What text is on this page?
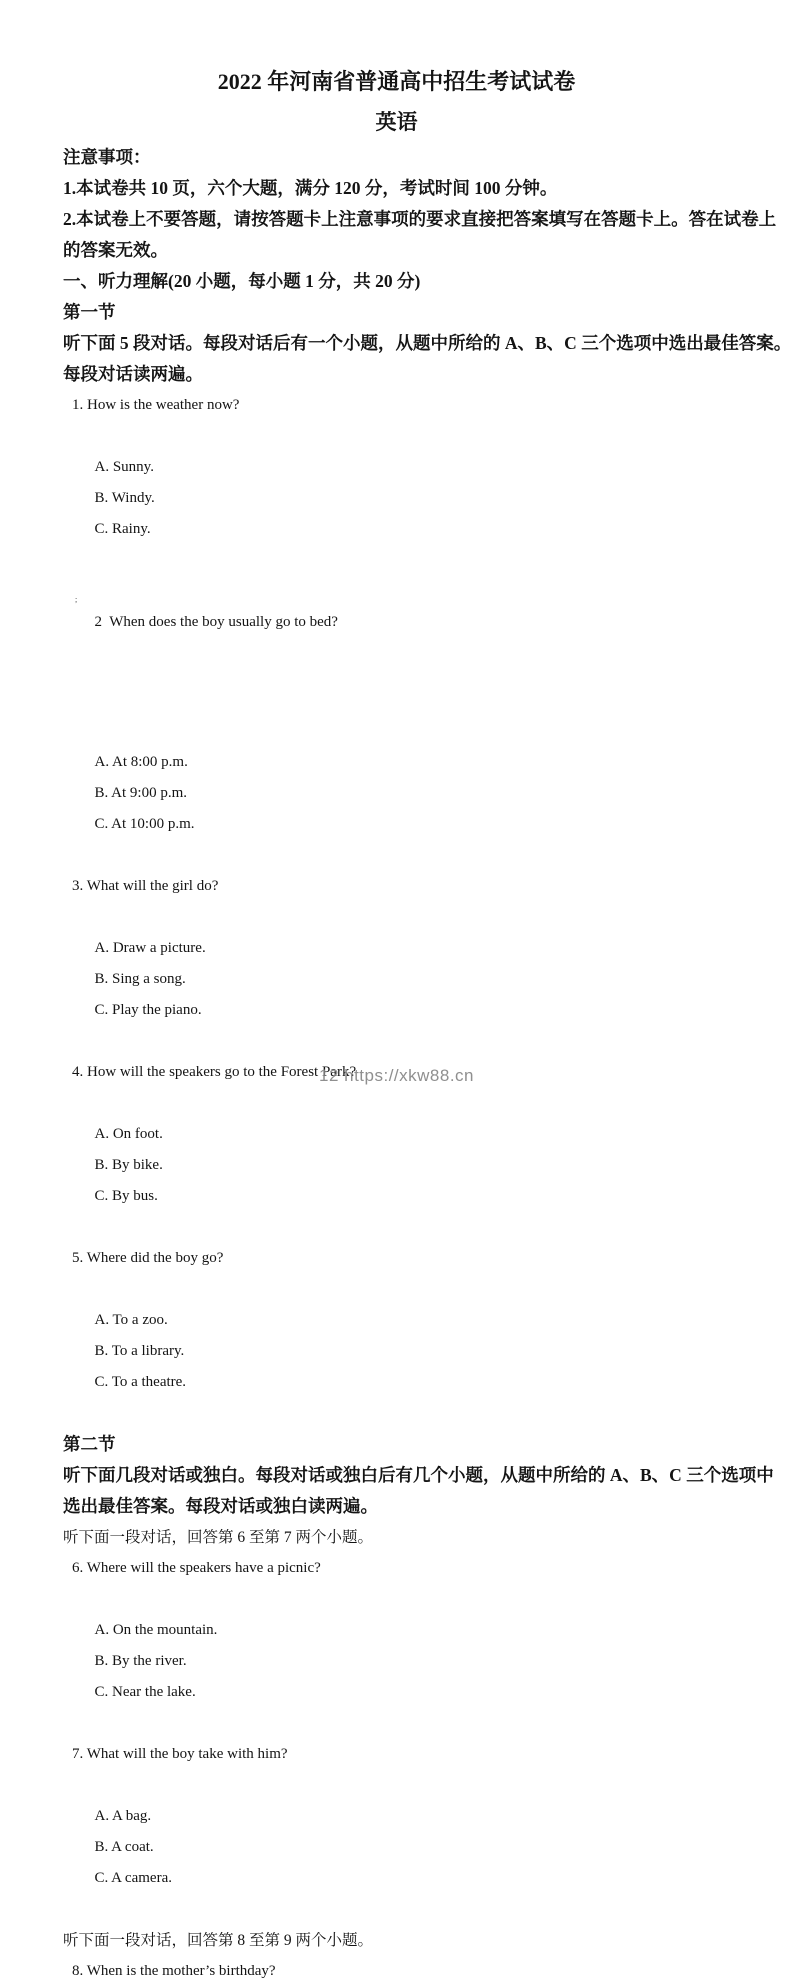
2022 年河南省普通高中招生考试试卷
英语
注意事项：
1.本试卷共 10 页，六个大题，满分 120 分，考试时间 100 分钟。
2.本试卷上不要答题，请按答题卡上注意事项的要求直接把答案填写在答题卡上。答在试卷上
的答案无效。
一、听力理解(20 小题，每小题 1 分，共 20 分)
第一节
听下面 5 段对话。每段对话后有一个小题，从题中所给的 A、B、C 三个选项中选出最佳答案。
每段对话读两遍。
1. How is the weather now?

A. Sunny.
B. Windy.
C. Rainy.

2  When does the boy usually go to bed?

;

A. At 8:00 p.m.
B. At 9:00 p.m.
C. At 10:00 p.m.

3. What will the girl do?

A. Draw a picture.
B. Sing a song.
C. Play the piano.

4. How will the speakers go to the Forest Park?

A. On foot.
B. By bike.
C. By bus.

5. Where did the boy go?

A. To a zoo.
B. To a library.
C. To a theatre.

第二节
听下面几段对话或独白。每段对话或独白后有几个小题，从题中所给的 A、B、C 三个选项中
选出最佳答案。每段对话或独白读两遍。
听下面一段对话，回答第 6 至第 7 两个小题。
6. Where will the speakers have a picnic?

A. On the mountain.
B. By the river.
C. Near the lake.

7. What will the boy take with him?

A. A bag.
B. A coat.
C. A camera.

听下面一段对话，回答第 8 至第 9 两个小题。
8. When is the mother’s birthday?
12 https://xkw88.cn
